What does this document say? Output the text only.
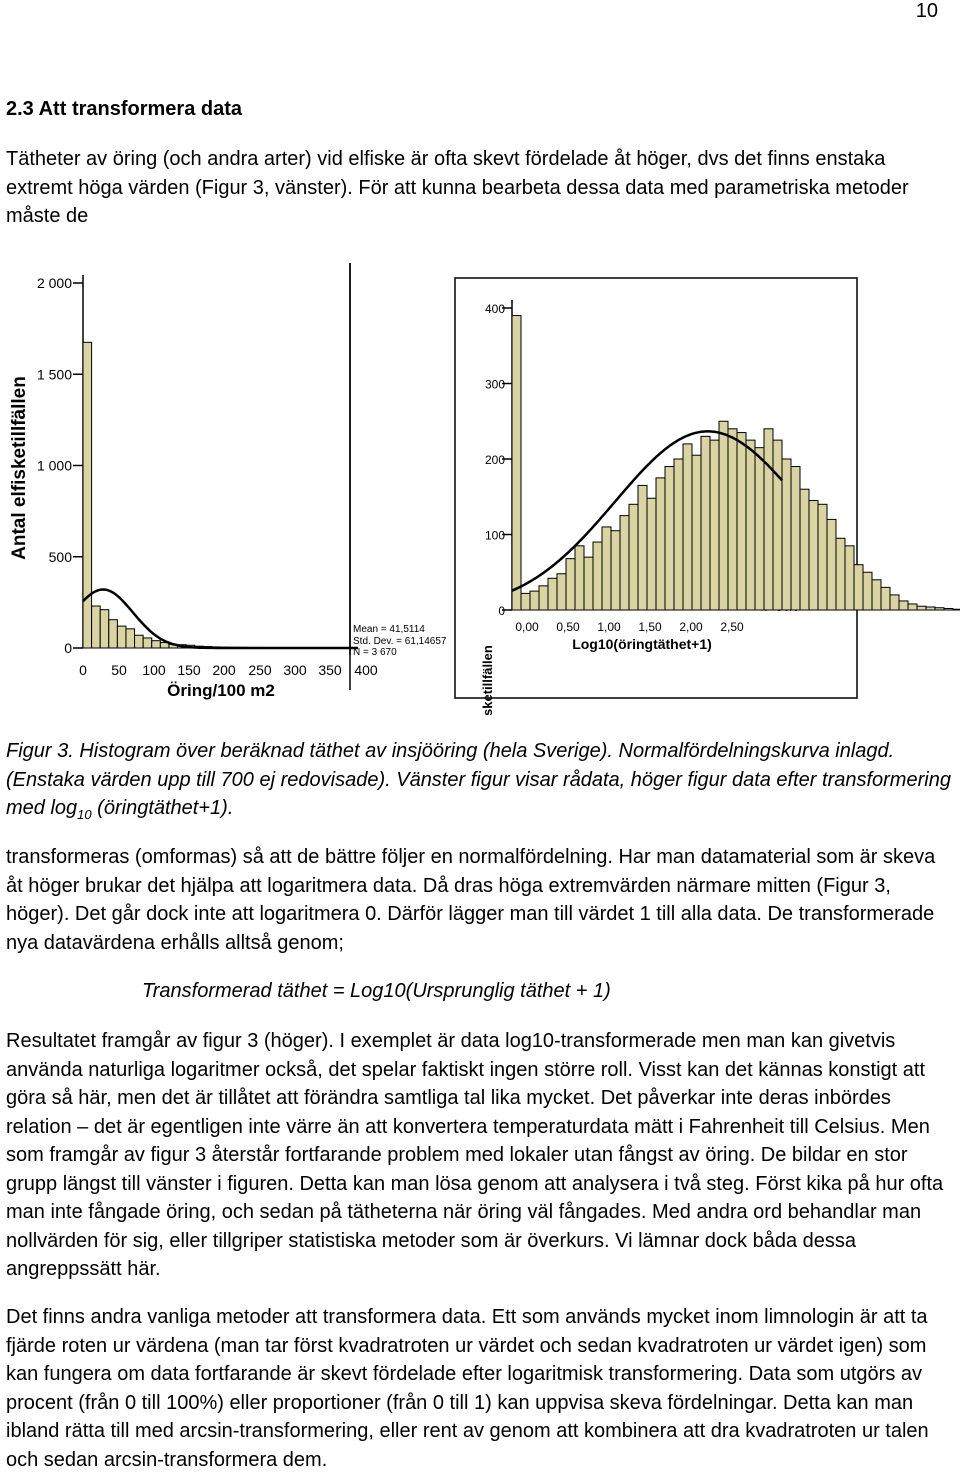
10
2.3 Att transformera data
Tätheter av öring (och andra arter) vid elfiske är ofta skevt fördelade åt höger, dvs det finns enstaka extremt höga värden (Figur 3, vänster). För att kunna bearbeta dessa data med parametriska metoder måste de
Antal elfisketillfällen
Öring/100 m2
Mean = 41,5114
Std. Dev. = 61,14657
N = 3 670
0
500
1 000
1 500
2 000
0 50 100 150 200 250 300 350 400	Antal elfisketillfällen
Log10(öringtäthet+1)
0
100
200
300
400
0,00 0,50 1,00 1,50 2,00 2,50
Figur 3. Histogram över beräknad täthet av insjööring (hela Sverige). Normalfördelningskurva inlagd. (Enstaka värden upp till 700 ej redovisade). Vänster figur visar rådata, höger figur data efter transformering med $\log_{10}$ (öringtäthet+1).
transformeras (omformas) så att de bättre följer en normalfördelning. Har man datamaterial som är skeva åt höger brukar det hjälpa att logaritmera data. Då dras höga extremvärden närmare mitten (Figur 3, höger). Det går dock inte att logaritmera 0. Därför lägger man till värdet 1 till alla data. De transformerade nya datavärdena erhålls alltså genom;
Transformerad täthet = Log10(Ursprunglig täthet + 1)
Resultatet framgår av figur 3 (höger). I exemplet är data log10-transformerade men man kan givetvis använda naturliga logaritmer också, det spelar faktiskt ingen större roll. Visst kan det kännas konstigt att göra så här, men det är tillåtet att förändra samtliga tal lika mycket. Det påverkar inte deras inbördes relation – det är egentligen inte värre än att konvertera temperaturdata mätt i Fahrenheit till Celsius. Men som framgår av figur 3 återstår fortfarande problem med lokaler utan fångst av öring. De bildar en stor grupp längst till vänster i figuren. Detta kan man lösa genom att analysera i två steg. Först kika på hur ofta man inte fångade öring, och sedan på tätheterna när öring väl fångades. Med andra ord behandlar man nollvärden för sig, eller tillgriper statistiska metoder som är överkurs. Vi lämnar dock båda dessa angreppssätt här.
Det finns andra vanliga metoder att transformera data. Ett som används mycket inom limnologin är att ta fjärde roten ur värdena (man tar först kvadratroten ur värdet och sedan kvadratroten ur värdet igen) som kan fungera om data fortfarande är skevt fördelade efter logaritmisk transformering. Data som utgörs av procent (från 0 till 100%) eller proportioner (från 0 till 1) kan uppvisa skeva fördelningar. Detta kan man ibland rätta till med arcsin-transformering, eller rent av genom att kombinera att dra kvadratroten ur talen och sedan arcsin-transformera dem.
